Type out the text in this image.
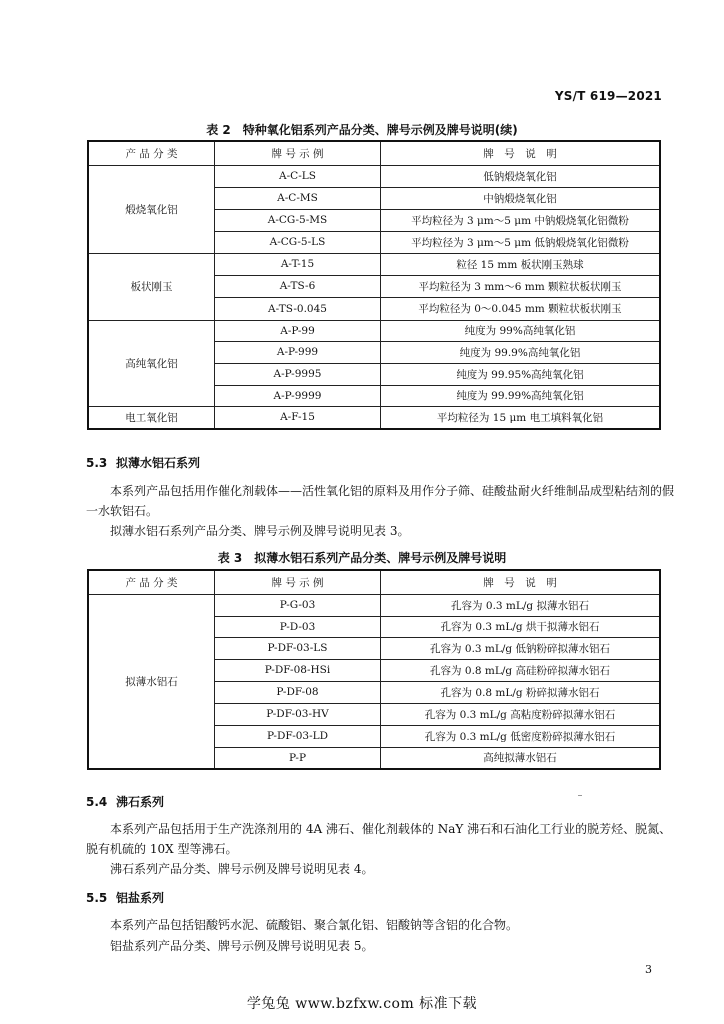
YS/T 619—2021
表 2　特种氧化铝系列产品分类、牌号示例及牌号说明(续)
产 品 分 类	牌 号 示 例	牌　号　说　明
煅烧氧化铝	A-C-LS	低钠煅烧氧化铝
	A-C-MS	中钠煅烧氧化铝
	A-CG-5-MS	平均粒径为 3 μm～5 μm 中钠煅烧氧化铝微粉
	A-CG-5-LS	平均粒径为 3 μm～5 μm 低钠煅烧氧化铝微粉
板状刚玉	A-T-15	粒径 15 mm 板状刚玉熟球
	A-TS-6	平均粒径为 3 mm～6 mm 颗粒状板状刚玉
	A-TS-0.045	平均粒径为 0～0.045 mm 颗粒状板状刚玉
高纯氧化铝	A-P-99	纯度为 99%高纯氧化铝
	A-P-999	纯度为 99.9%高纯氧化铝
	A-P-9995	纯度为 99.95%高纯氧化铝
	A-P-9999	纯度为 99.99%高纯氧化铝
电工氧化铝	A-F-15	平均粒径为 15 μm 电工填料氧化铝
5.3 拟薄水铝石系列

本系列产品包括用作催化剂载体——活性氧化铝的原料及用作分子筛、硅酸盐耐火纤维制品成型粘结剂的假一水软铝石。

拟薄水铝石系列产品分类、牌号示例及牌号说明见表 3。

表 3　拟薄水铝石系列产品分类、牌号示例及牌号说明
产 品 分 类	牌 号 示 例	牌　号　说　明
拟薄水铝石	P-G-03	孔容为 0.3 mL/g 拟薄水铝石
	P-D-03	孔容为 0.3 mL/g 烘干拟薄水铝石
	P-DF-03-LS	孔容为 0.3 mL/g 低钠粉碎拟薄水铝石
	P-DF-08-HSi	孔容为 0.8 mL/g 高硅粉碎拟薄水铝石
	P-DF-08	孔容为 0.8 mL/g 粉碎拟薄水铝石
	P-DF-03-HV	孔容为 0.3 mL/g 高粘度粉碎拟薄水铝石
	P-DF-03-LD	孔容为 0.3 mL/g 低密度粉碎拟薄水铝石
	P-P	高纯拟薄水铝石
5.4 沸石系列

本系列产品包括用于生产洗涤剂用的 4A 沸石、催化剂载体的 NaY 沸石和石油化工行业的脱芳烃、脱氮、脱有机硫的 10X 型等沸石。

沸石系列产品分类、牌号示例及牌号说明见表 4。

5.5 铝盐系列

本系列产品包括铝酸钙水泥、硫酸铝、聚合氯化铝、铝酸钠等含铝的化合物。

铝盐系列产品分类、牌号示例及牌号说明见表 5。

3
学兔兔 www.bzfxw.com 标准下载
